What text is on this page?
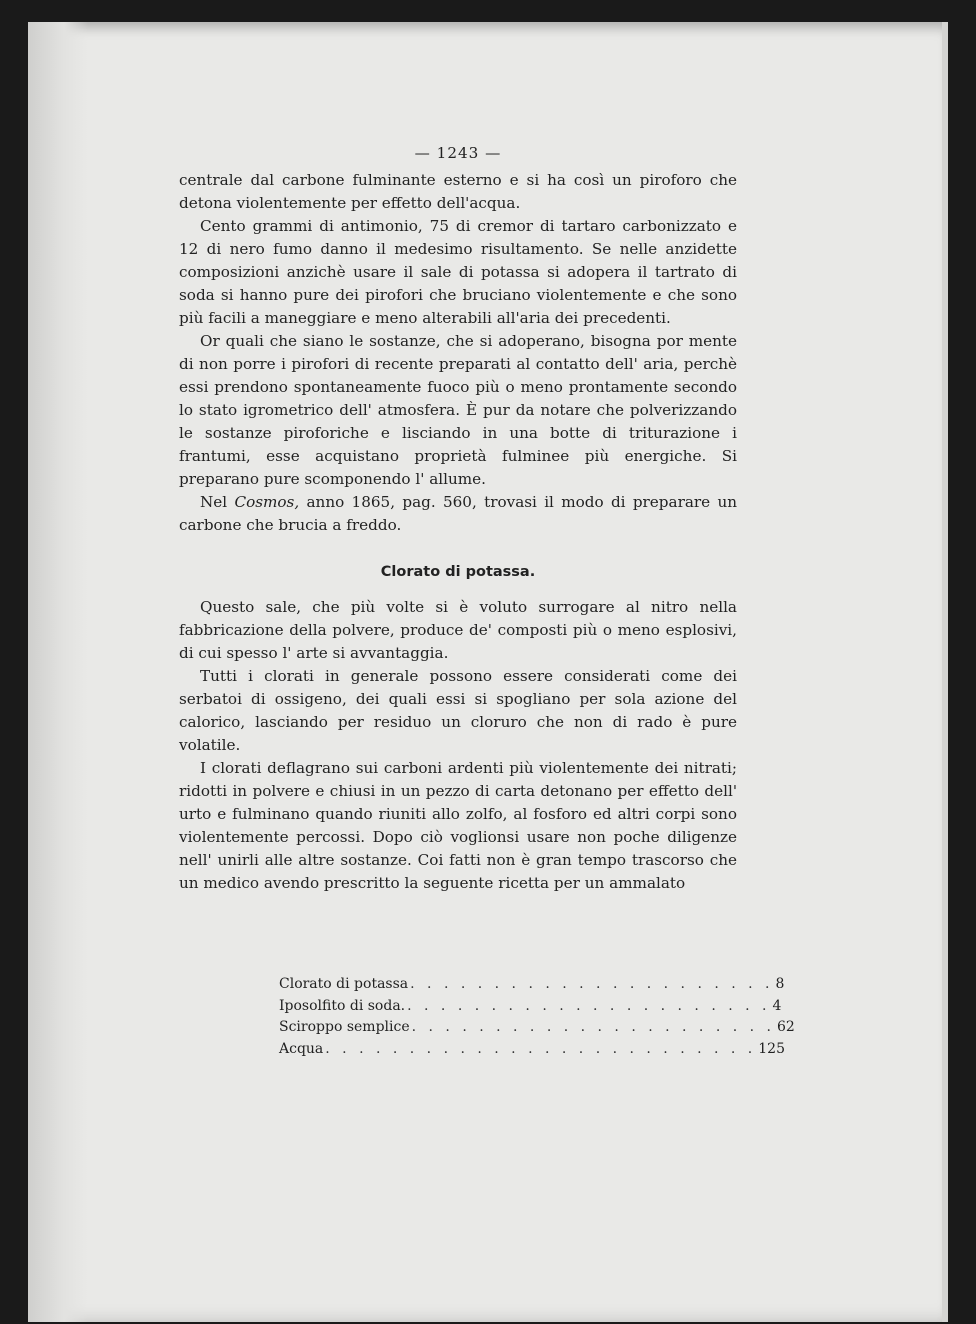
— 1243 —

centrale dal carbone fulminante esterno e si ha così un piroforo che detona violentemente per effetto dell'acqua.

Cento grammi di antimonio, 75 di cremor di tartaro carbonizzato e 12 di nero fumo danno il medesimo risultamento. Se nelle anzidette composizioni anzichè usare il sale di potassa si adopera il tartrato di soda si hanno pure dei pirofori che bruciano violentemente e che sono più facili a maneggiare e meno alterabili all'aria dei precedenti.

Or quali che siano le sostanze, che si adoperano, bisogna por mente di non porre i pirofori di recente preparati al contatto dell' aria, perchè essi prendono spontaneamente fuoco più o meno prontamente secondo lo stato igrometrico dell' atmosfera. È pur da notare che polverizzando le sostanze piroforiche e lisciando in una botte di triturazione i frantumi, esse acquistano proprietà fulminee più energiche. Si preparano pure scomponendo l' allume.

Nel Cosmos, anno 1865, pag. 560, trovasi il modo di preparare un carbone che brucia a freddo.

Clorato di potassa.

Questo sale, che più volte si è voluto surrogare al nitro nella fabbricazione della polvere, produce de' composti più o meno esplosivi, di cui spesso l' arte si avvantaggia.

Tutti i clorati in generale possono essere considerati come dei serbatoi di ossigeno, dei quali essi si spogliano per sola azione del calorico, lasciando per residuo un cloruro che non di rado è pure volatile.

I clorati deflagrano sui carboni ardenti più violentemente dei nitrati; ridotti in polvere e chiusi in un pezzo di carta detonano per effetto dell' urto e fulminano quando riuniti allo zolfo, al fosforo ed altri corpi sono violentemente percossi. Dopo ciò voglionsi usare non poche diligenze nell' unirli alle altre sostanze. Coi fatti non è gran tempo trascorso che un medico avendo prescritto la seguente ricetta per un ammalato

Clorato di potassa . . . . . . . . . . . . . . . . . . . . . . 8
Iposolfito di soda. . . . . . . . . . . . . . . . . . . . . . . 4
Sciroppo semplice . . . . . . . . . . . . . . . . . . . . . . 62
Acqua . . . . . . . . . . . . . . . . . . . . . . . . . . 125
